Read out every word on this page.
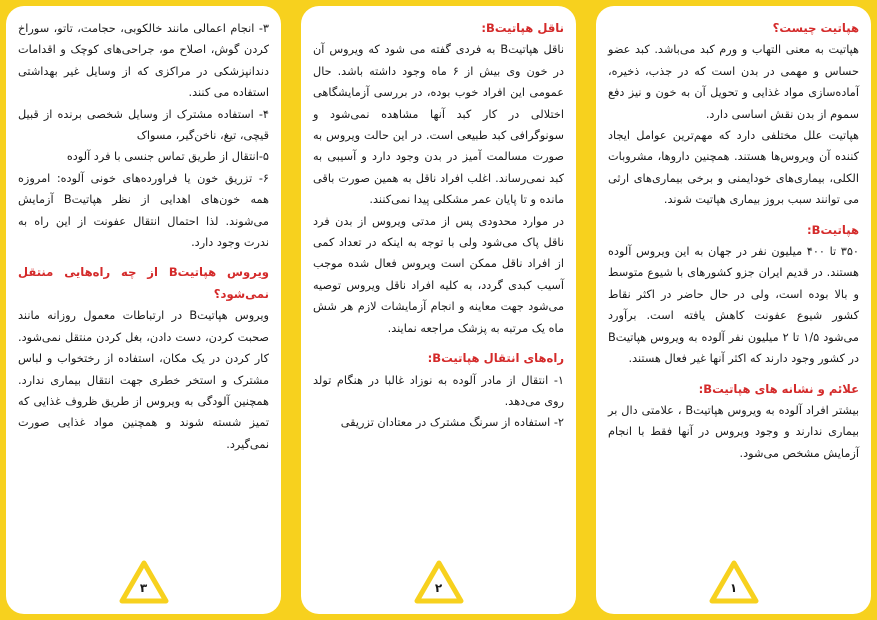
هپاتیت چیست؟

هپاتیت به معنی التهاب و ورم کبد می‌باشد. کبد عضو حساس و مهمی در بدن است که در جذب، ذخیره، آماده‌سازی مواد غذایی و تحویل آن به خون و نیز دفع سموم از بدن نقش اساسی دارد.

هپاتیت علل مختلفی دارد که مهم‌ترین عوامل ایجاد کننده آن ویروس‌ها هستند. همچنین داروها، مشروبات الکلی، بیماری‌های خودایمنی و برخی بیماری‌های ارثی می توانند سبب بروز بیماری هپاتیت شوند.

هپاتیتB:

۳۵۰ تا ۴۰۰ میلیون نفر در جهان به این ویروس آلوده هستند. در قدیم ایران جزو کشورهای با شیوع متوسط و بالا بوده است، ولی در حال حاضر در اکثر نقاط کشور شیوع عفونت کاهش یافته است. برآورد می‌شود ۱/۵ تا ۲ میلیون نفر آلوده به ویروس هپاتیتB در کشور وجود دارند که اکثر آنها غیر فعال هستند.

علائم و نشانه های هپاتیتB:

بیشتر افراد آلوده به ویروس هپاتیتB ، علامتی دال بر بیماری ندارند و وجود ویروس در آنها فقط با انجام آزمایش مشخص می‌شود.

۱

ناقل هپاتیتB:

ناقل هپاتیتB به فردی گفته می شود که ویروس آن در خون وی بیش از ۶ ماه وجود داشته باشد. حال عمومی این افراد خوب بوده، در بررسی آزمایشگاهی اختلالی در کار کبد آنها مشاهده نمی‌شود و سونوگرافی کبد طبیعی است. در این حالت ویروس به صورت مسالمت آمیز در بدن وجود دارد و آسیبی به کبد نمی‌رساند. اغلب افراد ناقل به همین صورت باقی مانده و تا پایان عمر مشکلی پیدا نمی‌کنند.

در موارد محدودی پس از مدتی ویروس از بدن فرد ناقل پاک می‌شود ولی با توجه به اینکه در تعداد کمی از افراد ناقل ممکن است ویروس فعال شده موجب آسیب کبدی گردد، به کلیه افراد ناقل ویروس توصیه می‌شود جهت معاینه و انجام آزمایشات لازم هر شش ماه یک مرتبه به پزشک مراجعه نمایند.

راه‌های انتقال هپاتیتB:

۱- انتقال از مادر آلوده به نوزاد غالبا در هنگام تولد روی می‌دهد.

۲- استفاده از سرنگ مشترک در معتادان تزریقی

۲

۳- انجام اعمالی مانند خالکوبی، حجامت، تاتو، سوراخ کردن گوش، اصلاح مو، جراحی‌های کوچک و اقدامات دندانپزشکی در مراکزی که از وسایل غیر بهداشتی استفاده می کنند.

۴- استفاده مشترک از وسایل شخصی برنده از قبیل قیچی، تیغ، ناخن‌گیر، مسواک

۵-انتقال از طریق تماس جنسی با فرد آلوده

۶- تزریق خون یا فراورده‌های خونی آلوده: امروزه همه خون‌های اهدایی از نظر هپاتیتB آزمایش می‌شوند. لذا احتمال انتقال عفونت از این راه به ندرت وجود دارد.

ویروس هپاتیتB از چه راه‌هایی منتقل نمی‌شود؟

ویروس هپاتیتB در ارتباطات معمول روزانه مانند صحبت کردن، دست دادن، بغل کردن منتقل نمی‌شود. کار کردن در یک مکان، استفاده از رختخواب و لباس مشترک و استخر خطری جهت انتقال بیماری ندارد. همچنین آلودگی به ویروس از طریق ظروف غذایی که تمیز شسته شوند و همچنین مواد غذایی صورت نمی‌گیرد.

۳
